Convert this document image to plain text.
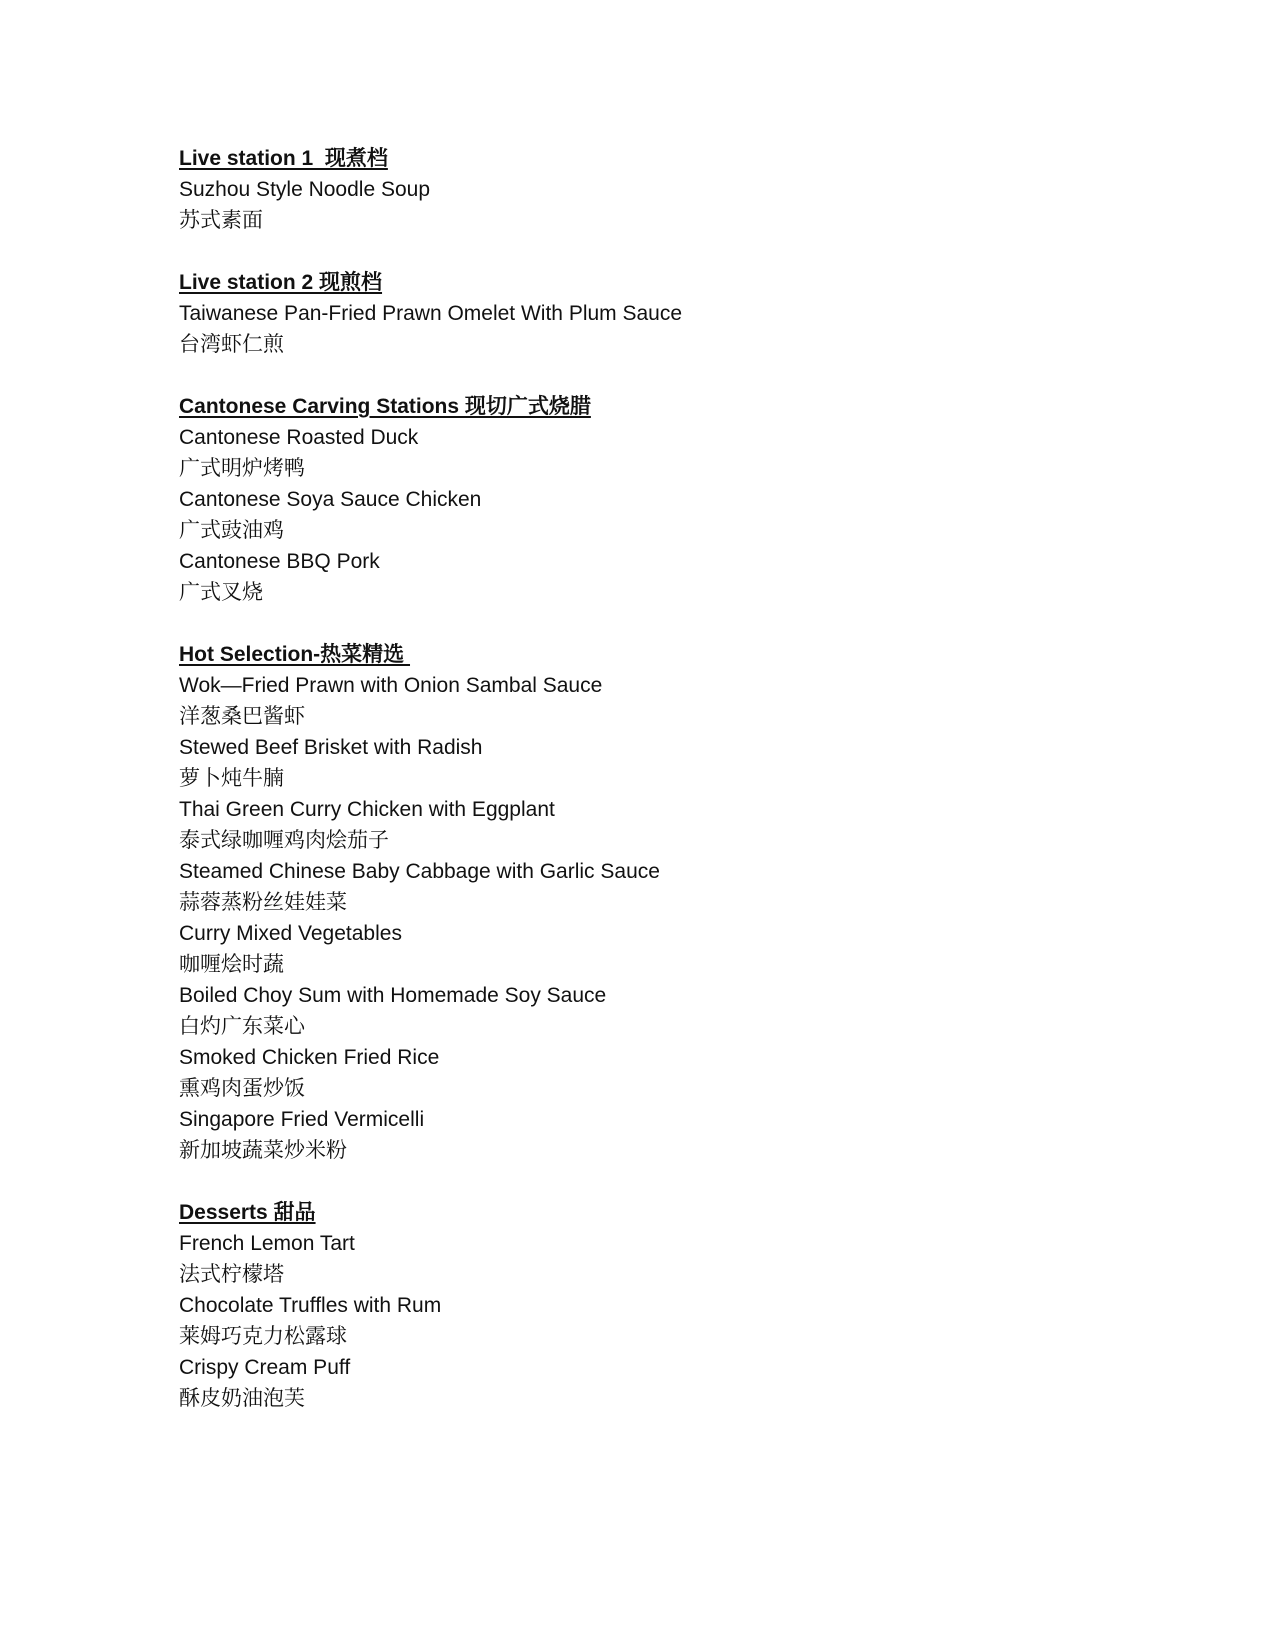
Live station 1  现煮档
Suzhou Style Noodle Soup
苏式素面
Live station 2 现煎档
Taiwanese Pan-Fried Prawn Omelet With Plum Sauce
台湾虾仁煎
Cantonese Carving Stations 现切广式烧腊
Cantonese Roasted Duck
广式明炉烤鸭
Cantonese Soya Sauce Chicken
广式豉油鸡
Cantonese BBQ Pork
广式叉烧
Hot Selection-热菜精选
Wok—Fried Prawn with Onion Sambal Sauce
洋葱桑巴酱虾
Stewed Beef Brisket with Radish
萝卜炖牛腩
Thai Green Curry Chicken with Eggplant
泰式绿咖喱鸡肉烩茄子
Steamed Chinese Baby Cabbage with Garlic Sauce
蒜蓉蒸粉丝娃娃菜
Curry Mixed Vegetables
咖喱烩时蔬
Boiled Choy Sum with Homemade Soy Sauce
白灼广东菜心
Smoked Chicken Fried Rice
熏鸡肉蛋炒饭
Singapore Fried Vermicelli
新加坡蔬菜炒米粉
Desserts 甜品
French Lemon Tart
法式柠檬塔
Chocolate Truffles with Rum
莱姆巧克力松露球
Crispy Cream Puff
酥皮奶油泡芙
